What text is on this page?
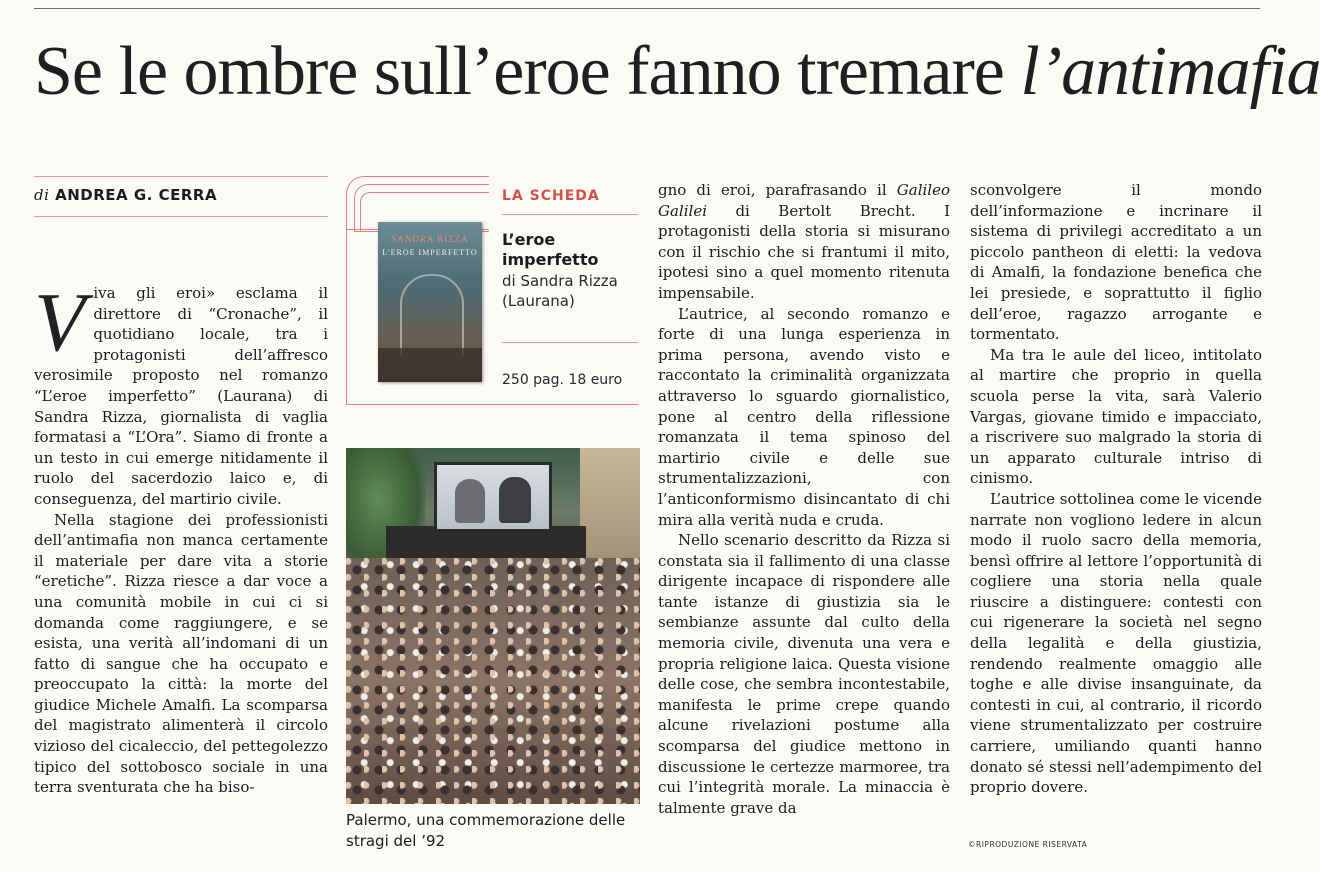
Se le ombre sull’eroe fanno tremare l’antimafia
di ANDREA G. CERRA

Viva gli eroi» esclama il direttore di “Cronache”, il quotidiano locale, tra i protagonisti dell’affresco verosimile proposto nel romanzo “L’eroe imperfetto” (Laurana) di Sandra Rizza, giornalista di vaglia formatasi a “L’Ora”. Siamo di fronte a un testo in cui emerge nitidamente il ruolo del sacerdozio laico e, di conseguenza, del martirio civile.

Nella stagione dei professionisti dell’antimafia non manca certamente il materiale per dare vita a storie “eretiche”. Rizza riesce a dar voce a una comunità mobile in cui ci si domanda come raggiungere, e se esista, una verità all’indomani di un fatto di sangue che ha occupato e preoccupato la città: la morte del giudice Michele Amalfi. La scomparsa del magistrato alimenterà il circolo vizioso del cicaleccio, del pettegolezzo tipico del sottobosco sociale in una terra sventurata che ha biso-

LA SCHEDA
SANDRA RIZZA
L'EROE IMPERFETTO
L’eroe imperfetto
di Sandra Rizza (Laurana)
250 pag. 18 euro
Palermo, una commemorazione delle stragi del ’92

gno di eroi, parafrasando il Galileo Galilei di Bertolt Brecht. I protagonisti della storia si misurano con il rischio che si frantumi il mito, ipotesi sino a quel momento ritenuta impensabile.

L’autrice, al secondo romanzo e forte di una lunga esperienza in prima persona, avendo visto e raccontato la criminalità organizzata attraverso lo sguardo giornalistico, pone al centro della riflessione romanzata il tema spinoso del martirio civile e delle sue strumentalizzazioni, con l’anticonformismo disincantato di chi mira alla verità nuda e cruda.

Nello scenario descritto da Rizza si constata sia il fallimento di una classe dirigente incapace di rispondere alle tante istanze di giustizia sia le sembianze assunte dal culto della memoria civile, divenuta una vera e propria religione laica. Questa visione delle cose, che sembra incontestabile, manifesta le prime crepe quando alcune rivelazioni postume alla scomparsa del giudice mettono in discussione le certezze marmoree, tra cui l’integrità morale. La minaccia è talmente grave da

sconvolgere il mondo dell’informazione e incrinare il sistema di privilegi accreditato a un piccolo pantheon di eletti: la vedova di Amalfi, la fondazione benefica che lei presiede, e soprattutto il figlio dell’eroe, ragazzo arrogante e tormentato.

Ma tra le aule del liceo, intitolato al martire che proprio in quella scuola perse la vita, sarà Valerio Vargas, giovane timido e impacciato, a riscrivere suo malgrado la storia di un apparato culturale intriso di cinismo.

L’autrice sottolinea come le vicende narrate non vogliono ledere in alcun modo il ruolo sacro della memoria, bensì offrire al lettore l’opportunità di cogliere una storia nella quale riuscire a distinguere: contesti con cui rigenerare la società nel segno della legalità e della giustizia, rendendo realmente omaggio alle toghe e alle divise insanguinate, da contesti in cui, al contrario, il ricordo viene strumentalizzato per costruire carriere, umiliando quanti hanno donato sé stessi nell’adempimento del proprio dovere.

©RIPRODUZIONE RISERVATA
